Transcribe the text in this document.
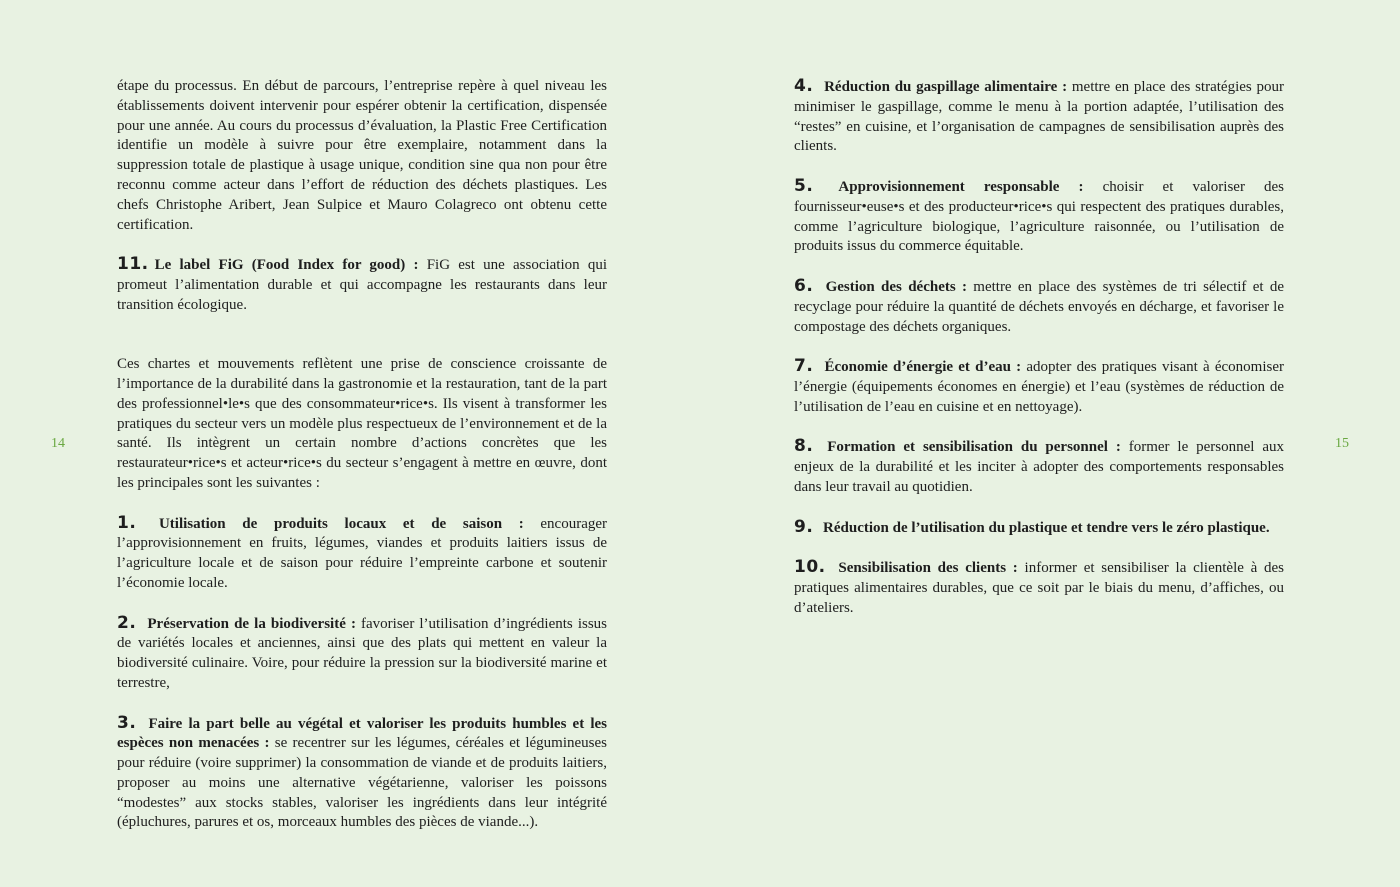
14	15

étape du processus. En début de parcours, l’entreprise repère à quel niveau les établissements doivent intervenir pour espérer obtenir la certification, dispensée pour une année. Au cours du processus d’évaluation, la Plastic Free Certification identifie un modèle à suivre pour être exemplaire, notamment dans la suppression totale de plastique à usage unique, condition sine qua non pour être reconnu comme acteur dans l’effort de réduction des déchets plastiques. Les chefs Christophe Aribert, Jean Sulpice et Mauro Colagreco ont obtenu cette certification.

11. Le label FiG (Food Index for good) : FiG est une association qui promeut l’alimentation durable et qui accompagne les restaurants dans leur transition écologique.

Ces chartes et mouvements reflètent une prise de conscience croissante de l’importance de la durabilité dans la gastronomie et la restauration, tant de la part des professionnel•le•s que des consommateur•rice•s. Ils visent à transformer les pratiques du secteur vers un modèle plus respectueux de l’environnement et de la santé. Ils intègrent un certain nombre d’actions concrètes que les restaurateur•rice•s et acteur•rice•s du secteur s’engagent à mettre en œuvre, dont les principales sont les suivantes :

1. Utilisation de produits locaux et de saison : encourager l’approvisionnement en fruits, légumes, viandes et produits laitiers issus de l’agriculture locale et de saison pour réduire l’empreinte carbone et soutenir l’économie locale.

2. Préservation de la biodiversité : favoriser l’utilisation d’ingrédients issus de variétés locales et anciennes, ainsi que des plats qui mettent en valeur la biodiversité culinaire. Voire, pour réduire la pression sur la biodiversité marine et terrestre,

3. Faire la part belle au végétal et valoriser les produits humbles et les espèces non menacées : se recentrer sur les légumes, céréales et légumineuses pour réduire (voire supprimer) la consommation de viande et de produits laitiers, proposer au moins une alternative végétarienne, valoriser les poissons “modestes” aux stocks stables, valoriser les ingrédients dans leur intégrité (épluchures, parures et os, morceaux humbles des pièces de viande...).

4. Réduction du gaspillage alimentaire : mettre en place des stratégies pour minimiser le gaspillage, comme le menu à la portion adaptée, l’utilisation des “restes” en cuisine, et l’organisation de campagnes de sensibilisation auprès des clients.

5. Approvisionnement responsable : choisir et valoriser des fournisseur•euse•s et des producteur•rice•s qui respectent des pratiques durables, comme l’agriculture biologique, l’agriculture raisonnée, ou l’utilisation de produits issus du commerce équitable.

6. Gestion des déchets : mettre en place des systèmes de tri sélectif et de recyclage pour réduire la quantité de déchets envoyés en décharge, et favoriser le compostage des déchets organiques.

7. Économie d’énergie et d’eau : adopter des pratiques visant à économiser l’énergie (équipements économes en énergie) et l’eau (systèmes de réduction de l’utilisation de l’eau en cuisine et en nettoyage).

8. Formation et sensibilisation du personnel : former le personnel aux enjeux de la durabilité et les inciter à adopter des comportements responsables dans leur travail au quotidien.

9. Réduction de l’utilisation du plastique et tendre vers le zéro plastique.

10. Sensibilisation des clients : informer et sensibiliser la clientèle à des pratiques alimentaires durables, que ce soit par le biais du menu, d’affiches, ou d’ateliers.
